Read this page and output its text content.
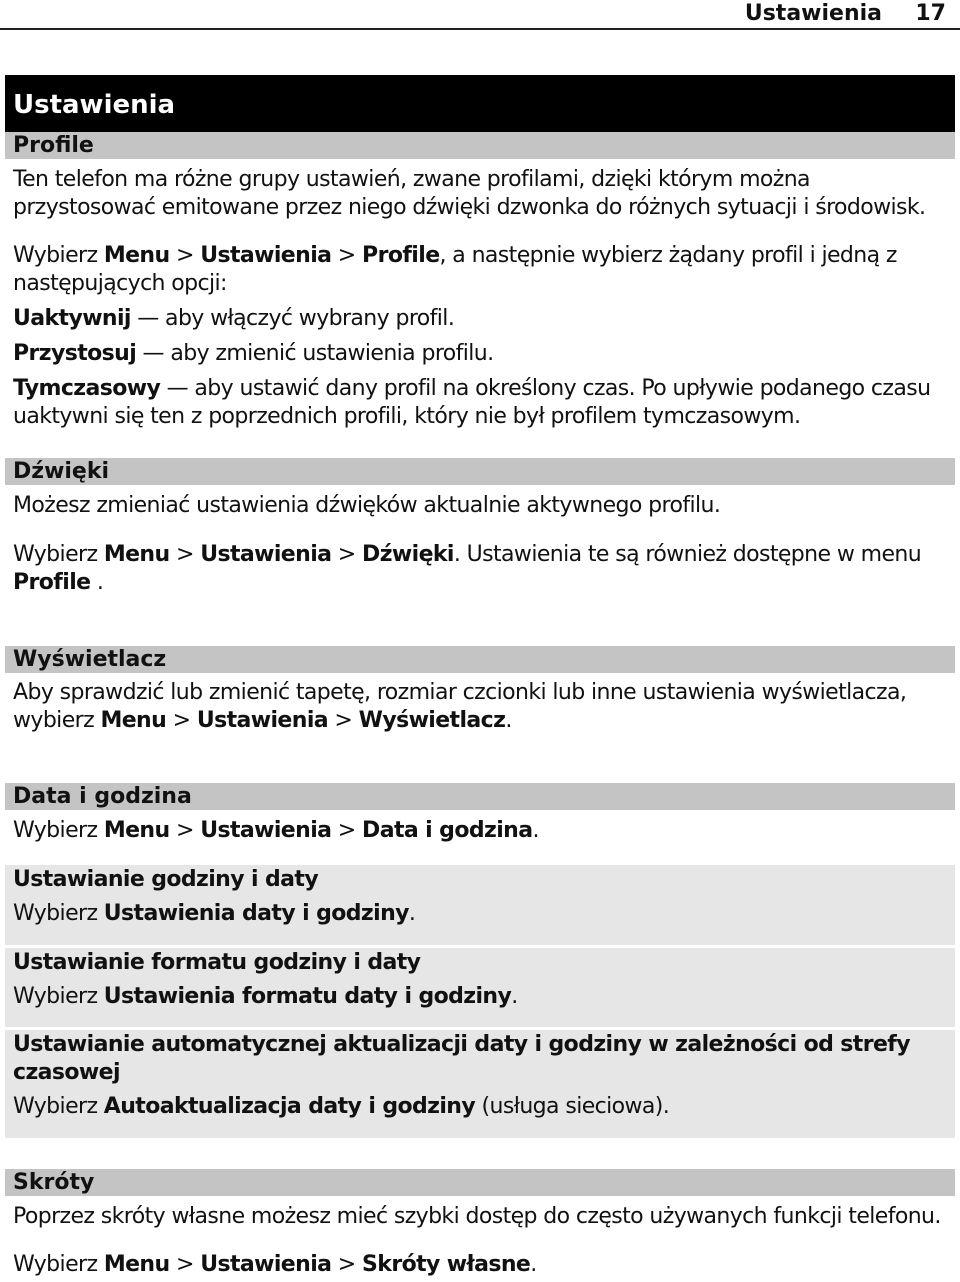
Ustawienia 17
Ustawienia
Profile
Ten telefon ma różne grupy ustawień, zwane profilami, dzięki którym można
przystosować emitowane przez niego dźwięki dzwonka do różnych sytuacji i środowisk.
Wybierz Menu > Ustawienia > Profile, a następnie wybierz żądany profil i jedną z
następujących opcji:
Uaktywnij — aby włączyć wybrany profil.
Przystosuj — aby zmienić ustawienia profilu.
Tymczasowy — aby ustawić dany profil na określony czas. Po upływie podanego czasu
uaktywni się ten z poprzednich profili, który nie był profilem tymczasowym.
Dźwięki
Możesz zmieniać ustawienia dźwięków aktualnie aktywnego profilu.
Wybierz Menu > Ustawienia > Dźwięki. Ustawienia te są również dostępne w menu
Profile .
Wyświetlacz
Aby sprawdzić lub zmienić tapetę, rozmiar czcionki lub inne ustawienia wyświetlacza,
wybierz Menu > Ustawienia > Wyświetlacz.
Data i godzina
Wybierz Menu > Ustawienia > Data i godzina.
Ustawianie godziny i daty
Wybierz Ustawienia daty i godziny.
Ustawianie formatu godziny i daty
Wybierz Ustawienia formatu daty i godziny.
Ustawianie automatycznej aktualizacji daty i godziny w zależności od strefy
czasowej
Wybierz Autoaktualizacja daty i godziny (usługa sieciowa).
Skróty
Poprzez skróty własne możesz mieć szybki dostęp do często używanych funkcji telefonu.
Wybierz Menu > Ustawienia > Skróty własne.
